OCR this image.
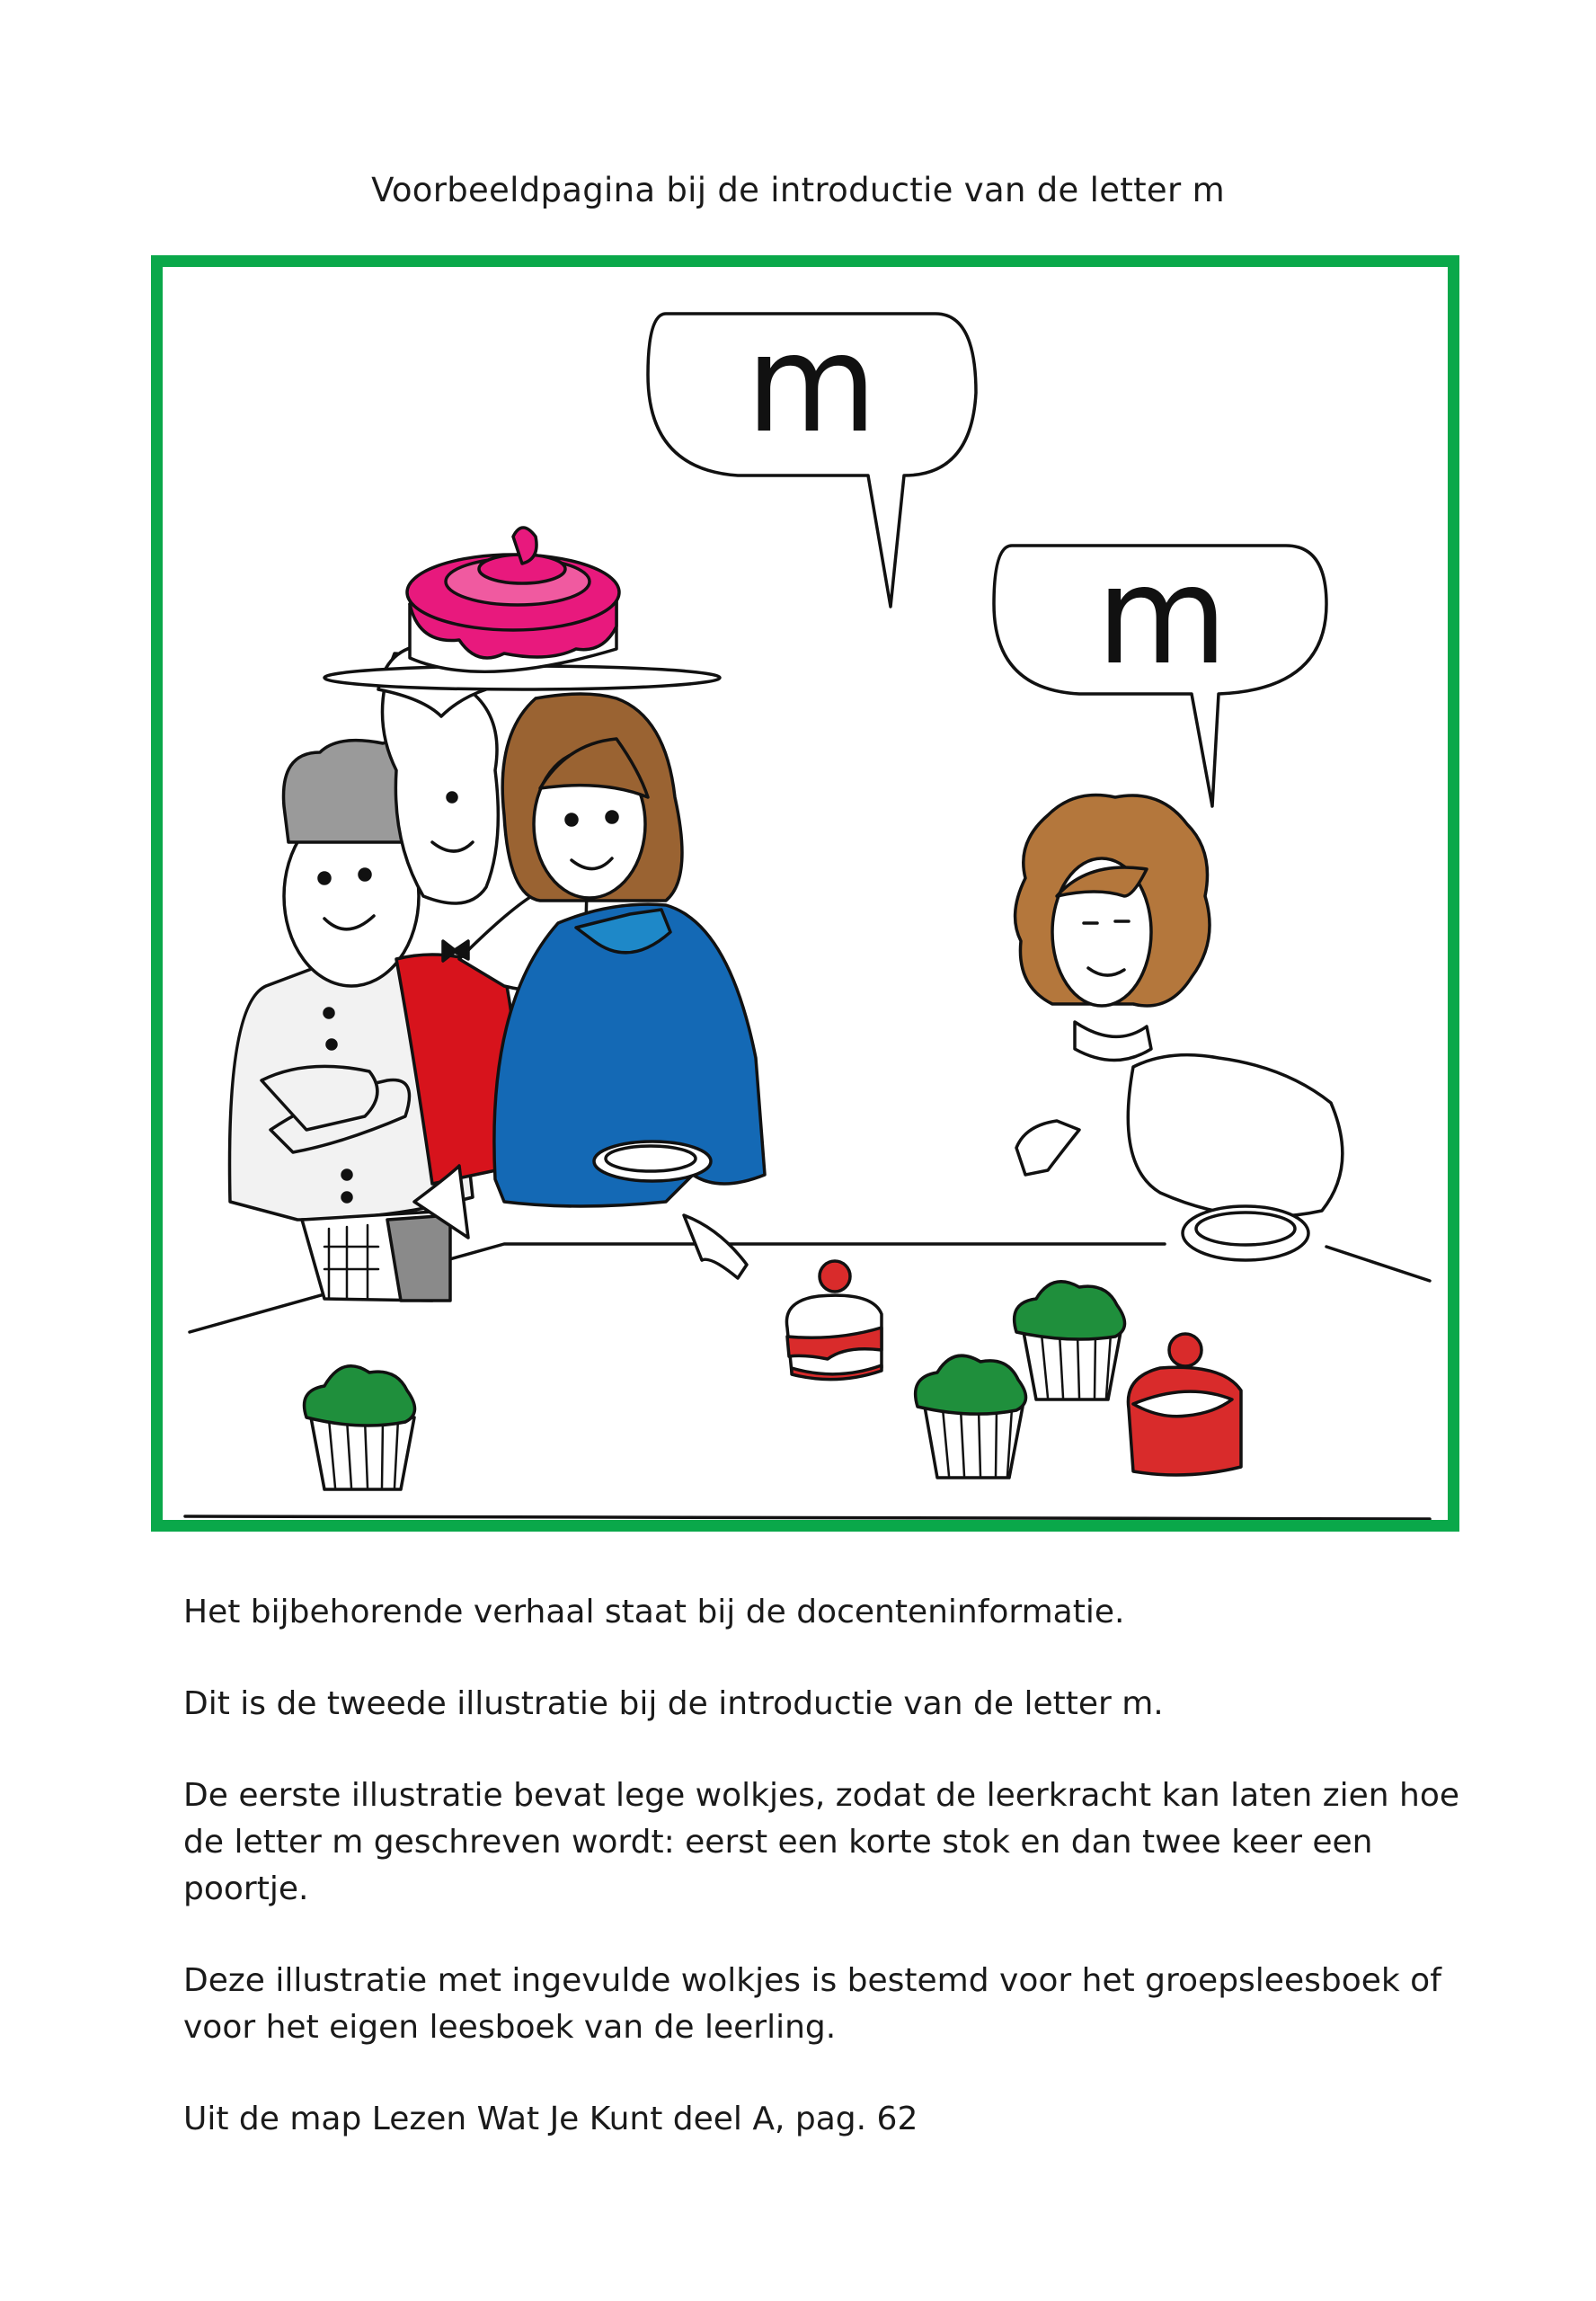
Voorbeeldpagina bij de introductie van de letter m
m
m

Het bijbehorende verhaal staat bij de docenteninformatie.

Dit is de tweede illustratie bij de introductie van de letter m.

De eerste illustratie bevat lege wolkjes, zodat de leerkracht kan laten zien hoe de letter m geschreven wordt: eerst een korte stok en dan twee keer een poortje.

Deze illustratie met ingevulde wolkjes is bestemd voor het groepsleesboek of voor het eigen leesboek van de leerling.

Uit de map Lezen Wat Je Kunt deel A, pag. 62
